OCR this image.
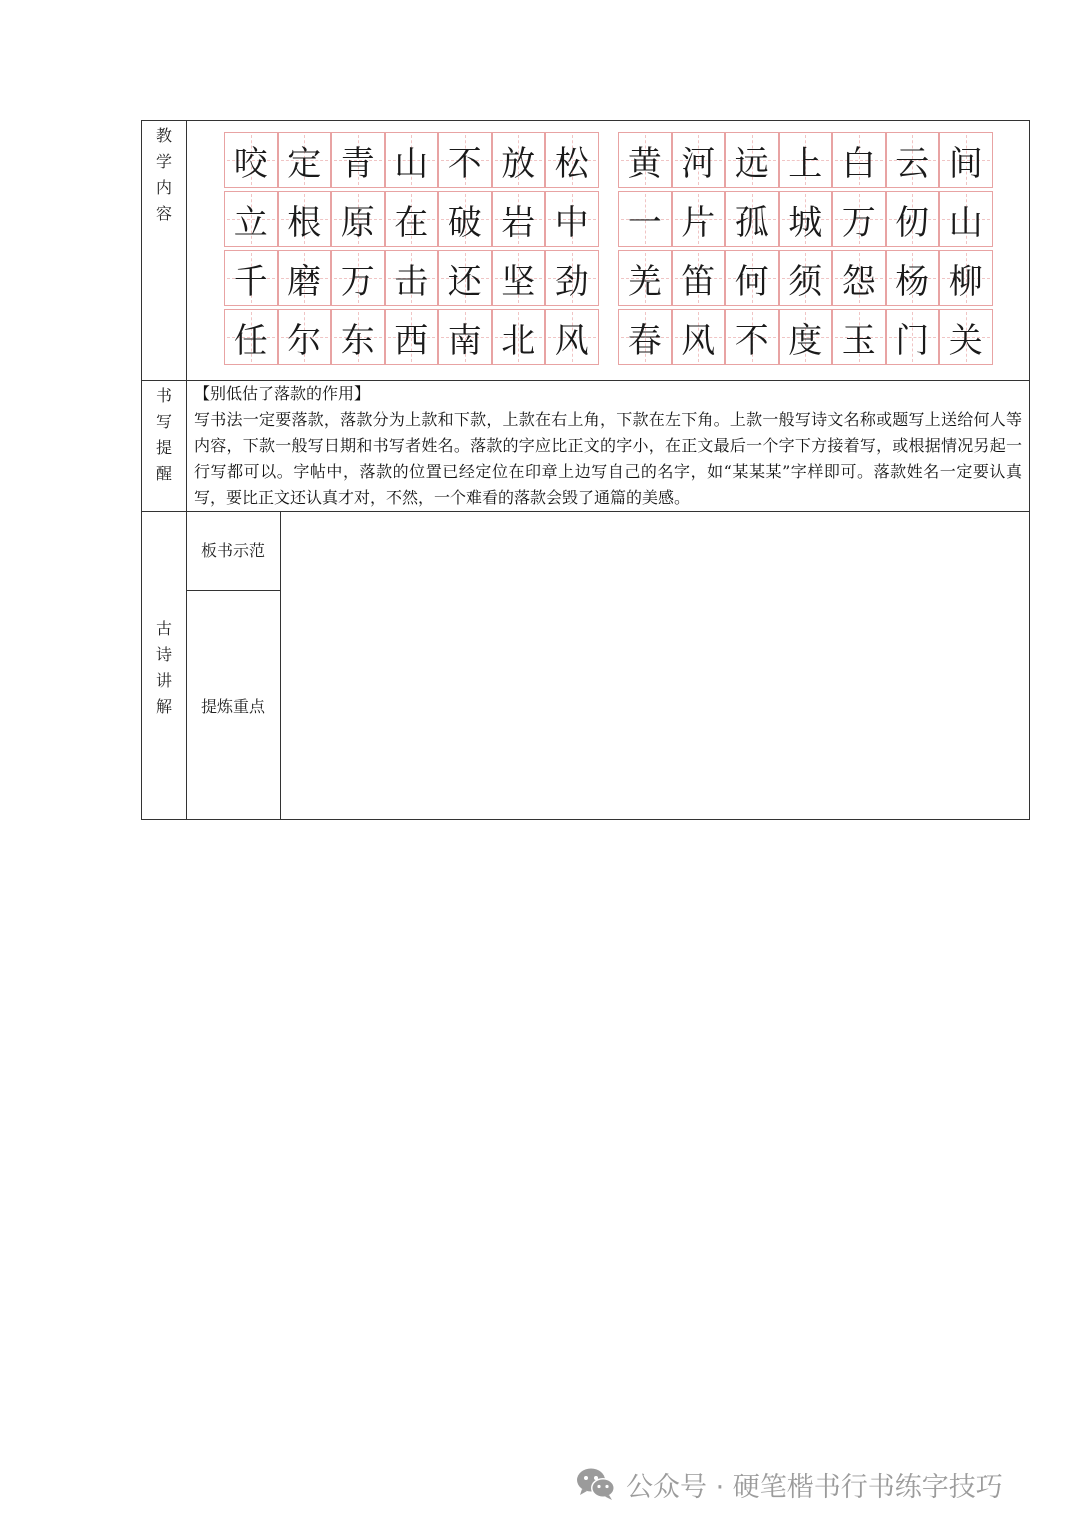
教
学
内
容
咬 定 青 山 不 放 松
立 根 原 在 破 岩 中
千 磨 万 击 还 坚 劲
任 尔 东 西 南 北 风
黄 河 远 上 白 云 间
一 片 孤 城 万 仞 山
羌 笛 何 须 怨 杨 柳
春 风 不 度 玉 门 关
书
写
提
醒
【别低估了落款的作用】
写书法一定要落款，落款分为上款和下款，上款在右上角，下款在左下角。上款一般写诗文名称或题写上送给何人等内容，下款一般写日期和书写者姓名。落款的字应比正文的字小，在正文最后一个字下方接着写，或根据情况另起一行写都可以。字帖中，落款的位置已经定位在印章上边写自己的名字，如“某某某”字样即可。落款姓名一定要认真写，要比正文还认真才对，不然，一个难看的落款会毁了通篇的美感。
古
诗
讲
解
板书示范
提炼重点
公众号 · 硬笔楷书行书练字技巧
